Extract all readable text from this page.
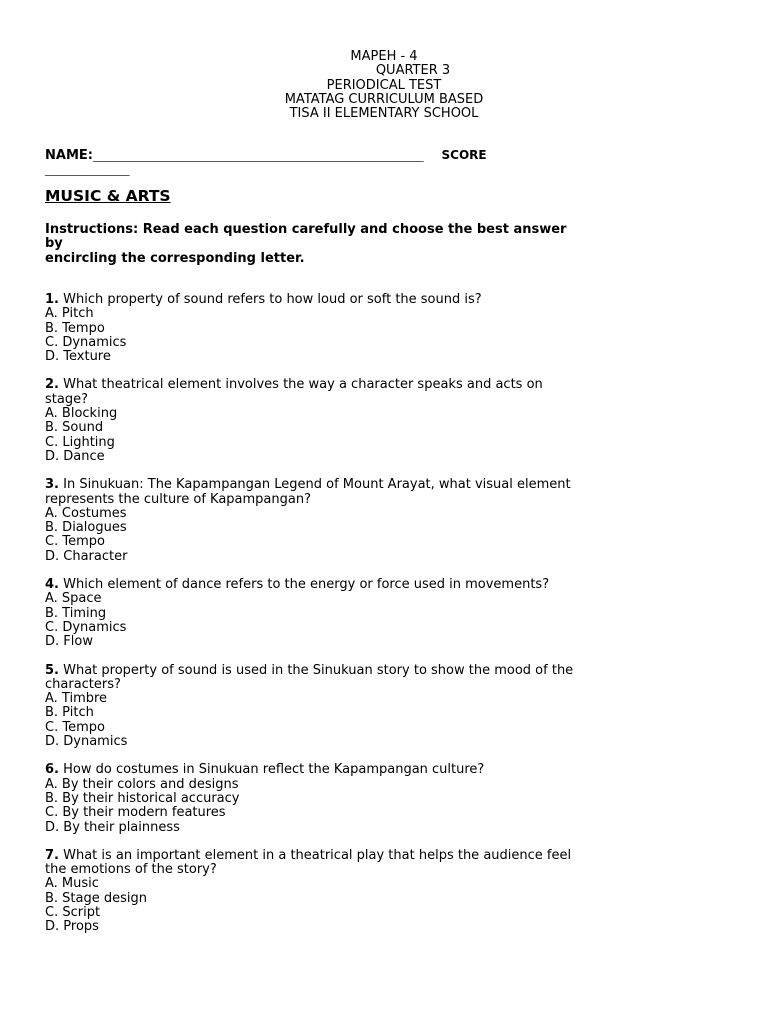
MAPEH - 4
QUARTER 3
PERIODICAL TEST
MATATAG CURRICULUM BASED
TISA II ELEMENTARY SCHOOL
NAME:_______________________________________________________ SCORE
______________
MUSIC & ARTS
Instructions: Read each question carefully and choose the best answer
by
encircling the corresponding letter.
1. Which property of sound refers to how loud or soft the sound is?
A. Pitch
B. Tempo
C. Dynamics
D. Texture
2. What theatrical element involves the way a character speaks and acts on
stage?
A. Blocking
B. Sound
C. Lighting
D. Dance
3. In Sinukuan: The Kapampangan Legend of Mount Arayat, what visual element
represents the culture of Kapampangan?
A. Costumes
B. Dialogues
C. Tempo
D. Character
4. Which element of dance refers to the energy or force used in movements?
A. Space
B. Timing
C. Dynamics
D. Flow
5. What property of sound is used in the Sinukuan story to show the mood of the
characters?
A. Timbre
B. Pitch
C. Tempo
D. Dynamics
6. How do costumes in Sinukuan reflect the Kapampangan culture?
A. By their colors and designs
B. By their historical accuracy
C. By their modern features
D. By their plainness
7. What is an important element in a theatrical play that helps the audience feel
the emotions of the story?
A. Music
B. Stage design
C. Script
D. Props
